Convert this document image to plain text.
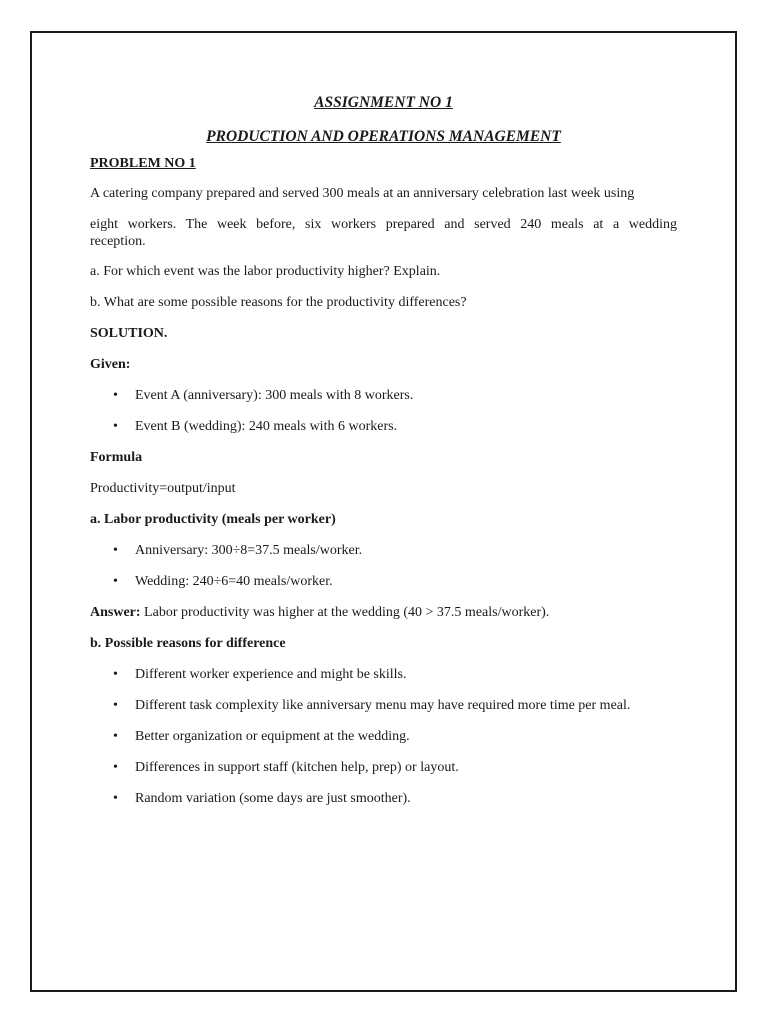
ASSIGNMENT NO 1
PRODUCTION AND OPERATIONS MANAGEMENT

PROBLEM NO 1

A catering company prepared and served 300 meals at an anniversary celebration last week using

eight workers. The week before, six workers prepared and served 240 meals at a wedding
reception.

a. For which event was the labor productivity higher? Explain.

b. What are some possible reasons for the productivity differences?

SOLUTION.

Given:

• Event A (anniversary): 300 meals with 8 workers.
• Event B (wedding): 240 meals with 6 workers.

Formula

Productivity=output/input

a. Labor productivity (meals per worker)

• Anniversary: 300÷8=37.5 meals/worker.
• Wedding: 240÷6=40 meals/worker.

Answer: Labor productivity was higher at the wedding (40 > 37.5 meals/worker).

b. Possible reasons for difference

• Different worker experience and might be skills.
• Different task complexity like anniversary menu may have required more time per meal.
• Better organization or equipment at the wedding.
• Differences in support staff (kitchen help, prep) or layout.
• Random variation (some days are just smoother).
